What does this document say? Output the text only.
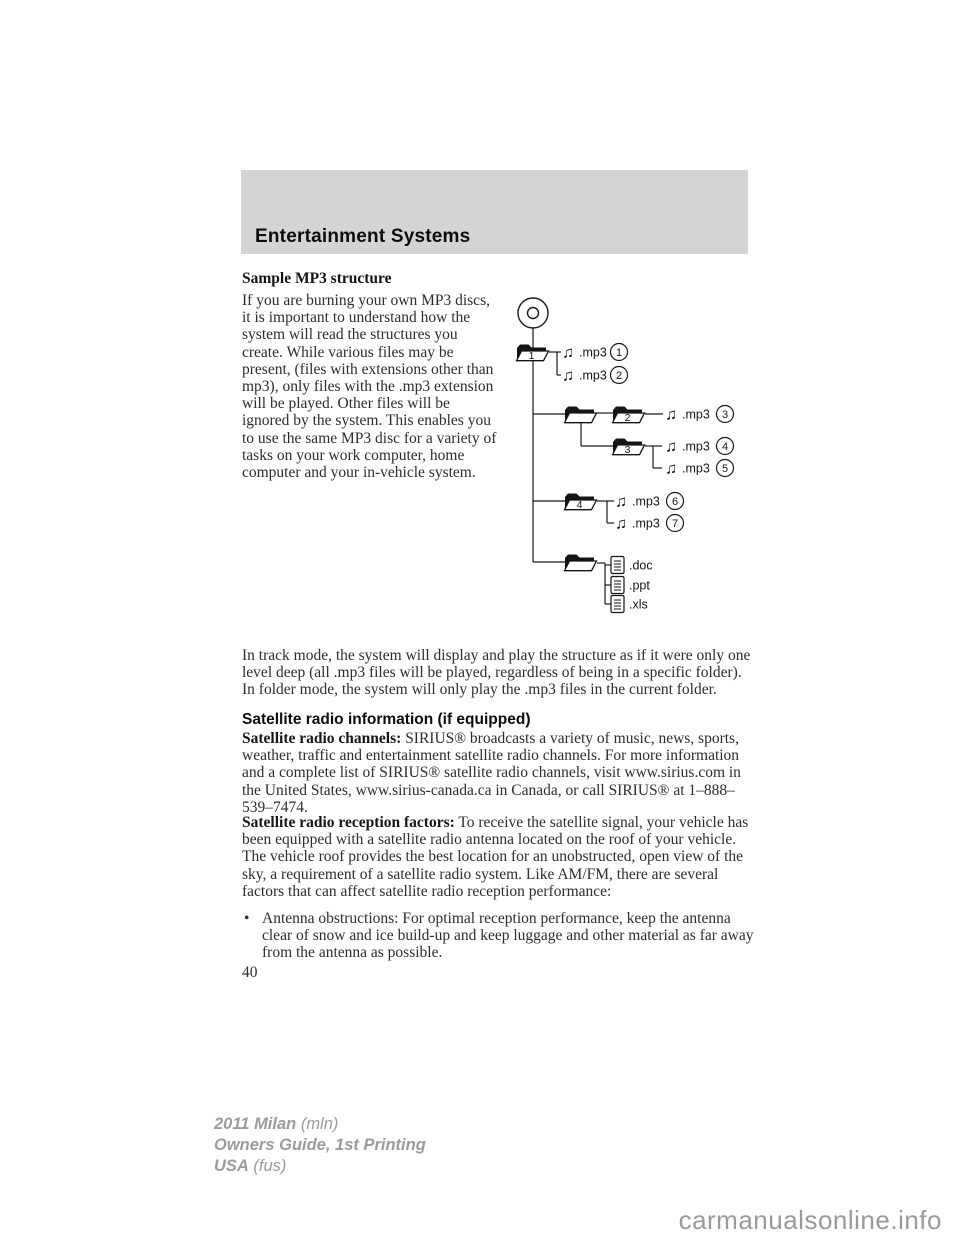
Entertainment Systems
Sample MP3 structure

If you are burning your own MP3 discs, it is important to understand how the system will read the structures you create. While various files may be present, (files with extensions other than mp3), only files with the .mp3 extension will be played. Other files will be ignored by the system. This enables you to use the same MP3 disc for a variety of tasks on your work computer, home computer and your in-vehicle system.

1
2
3
4
♫ .mp3 1
♫ .mp3 2
♫ .mp3 3
♫ .mp3 4
♫ .mp3 5
♫ .mp3 6
♫ .mp3 7
.doc
.ppt
.xls

In track mode, the system will display and play the structure as if it were only one level deep (all .mp3 files will be played, regardless of being in a specific folder). In folder mode, the system will only play the .mp3 files in the current folder.

Satellite radio information (if equipped)

Satellite radio channels: SIRIUS® broadcasts a variety of music, news, sports, weather, traffic and entertainment satellite radio channels. For more information and a complete list of SIRIUS® satellite radio channels, visit www.sirius.com in the United States, www.sirius-canada.ca in Canada, or call SIRIUS® at 1–888–539–7474.

Satellite radio reception factors: To receive the satellite signal, your vehicle has been equipped with a satellite radio antenna located on the roof of your vehicle. The vehicle roof provides the best location for an unobstructed, open view of the sky, a requirement of a satellite radio system. Like AM/FM, there are several factors that can affect satellite radio reception performance:

• Antenna obstructions: For optimal reception performance, keep the antenna clear of snow and ice build-up and keep luggage and other material as far away from the antenna as possible.
40
2011 Milan (mln)
Owners Guide, 1st Printing
USA (fus)
carmanualsonline.info
